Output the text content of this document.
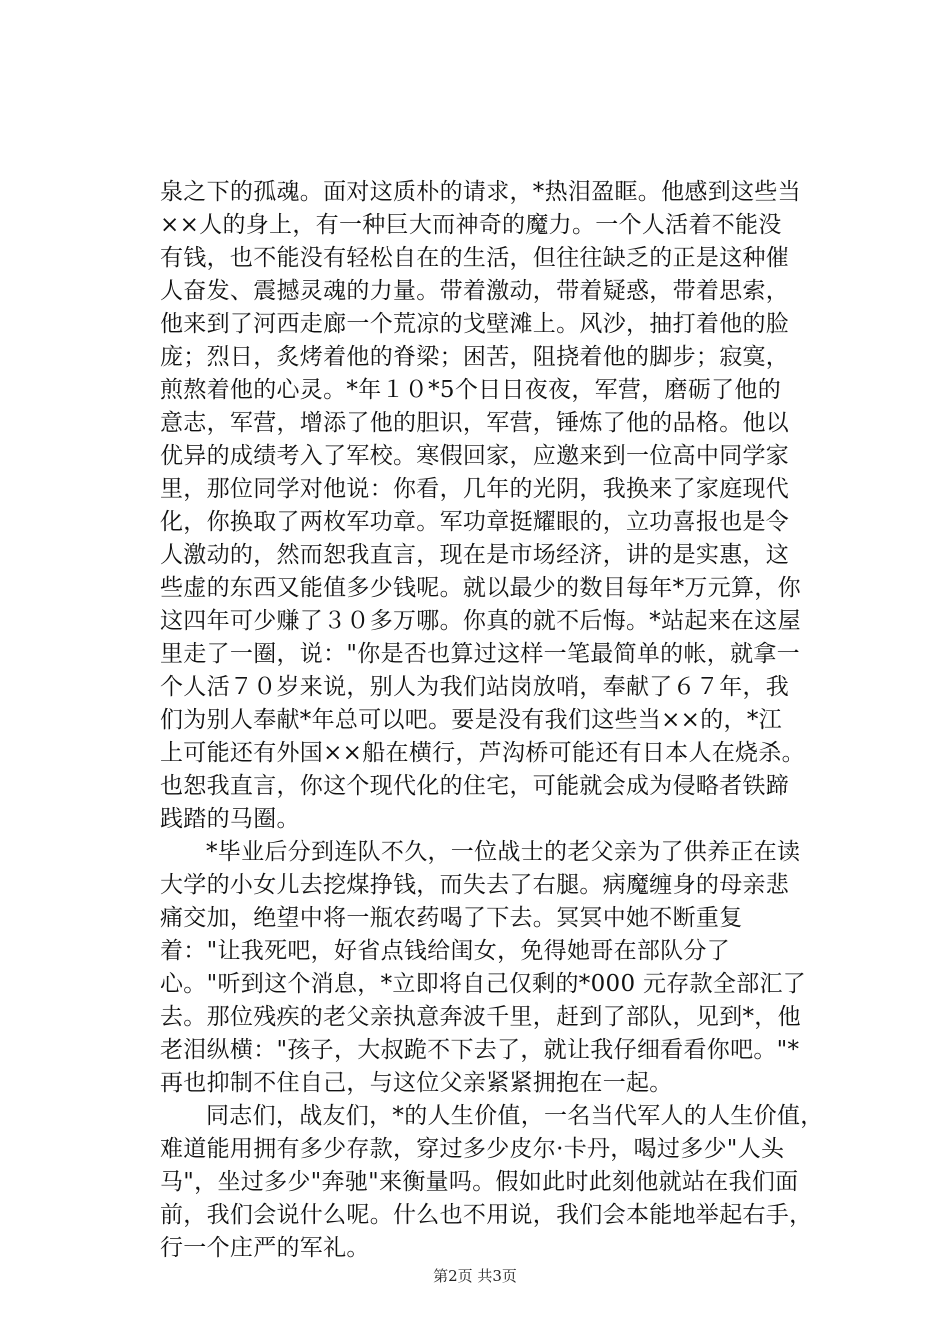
泉之下的孤魂。面对这质朴的请求，*热泪盈眶。他感到这些当
××人的身上，有一种巨大而神奇的魔力。一个人活着不能没
有钱，也不能没有轻松自在的生活，但往往缺乏的正是这种催
人奋发、震撼灵魂的力量。带着激动，带着疑惑，带着思索，
他来到了河西走廊一个荒凉的戈壁滩上。风沙，抽打着他的脸
庞；烈日，炙烤着他的脊梁；困苦，阻挠着他的脚步；寂寞，
煎熬着他的心灵。*年１０*5个日日夜夜，军营，磨砺了他的
意志，军营，增添了他的胆识，军营，锤炼了他的品格。他以
优异的成绩考入了军校。寒假回家，应邀来到一位高中同学家
里，那位同学对他说：你看，几年的光阴，我换来了家庭现代
化，你换取了两枚军功章。军功章挺耀眼的，立功喜报也是令
人激动的，然而恕我直言，现在是市场经济，讲的是实惠，这
些虚的东西又能值多少钱呢。就以最少的数目每年*万元算，你
这四年可少赚了３０多万哪。你真的就不后悔。*站起来在这屋
里走了一圈，说："你是否也算过这样一笔最简单的帐，就拿一
个人活７０岁来说，别人为我们站岗放哨，奉献了６７年，我
们为别人奉献*年总可以吧。要是没有我们这些当××的，*江
上可能还有外国××船在横行，芦沟桥可能还有日本人在烧杀。
也恕我直言，你这个现代化的住宅，可能就会成为侵略者铁蹄
践踏的马圈。
*毕业后分到连队不久，一位战士的老父亲为了供养正在读
大学的小女儿去挖煤挣钱，而失去了右腿。病魔缠身的母亲悲
痛交加，绝望中将一瓶农药喝了下去。冥冥中她不断重复
着："让我死吧，好省点钱给闺女，免得她哥在部队分了
心。"听到这个消息，*立即将自己仅剩的*000 元存款全部汇了
去。那位残疾的老父亲执意奔波千里，赶到了部队，见到*，他
老泪纵横："孩子，大叔跪不下去了，就让我仔细看看你吧。"*
再也抑制不住自己，与这位父亲紧紧拥抱在一起。
同志们，战友们，*的人生价值，一名当代军人的人生价值，
难道能用拥有多少存款，穿过多少皮尔·卡丹，喝过多少"人头
马"，坐过多少"奔驰"来衡量吗。假如此时此刻他就站在我们面
前，我们会说什么呢。什么也不用说，我们会本能地举起右手，
行一个庄严的军礼。
第2页 共3页
